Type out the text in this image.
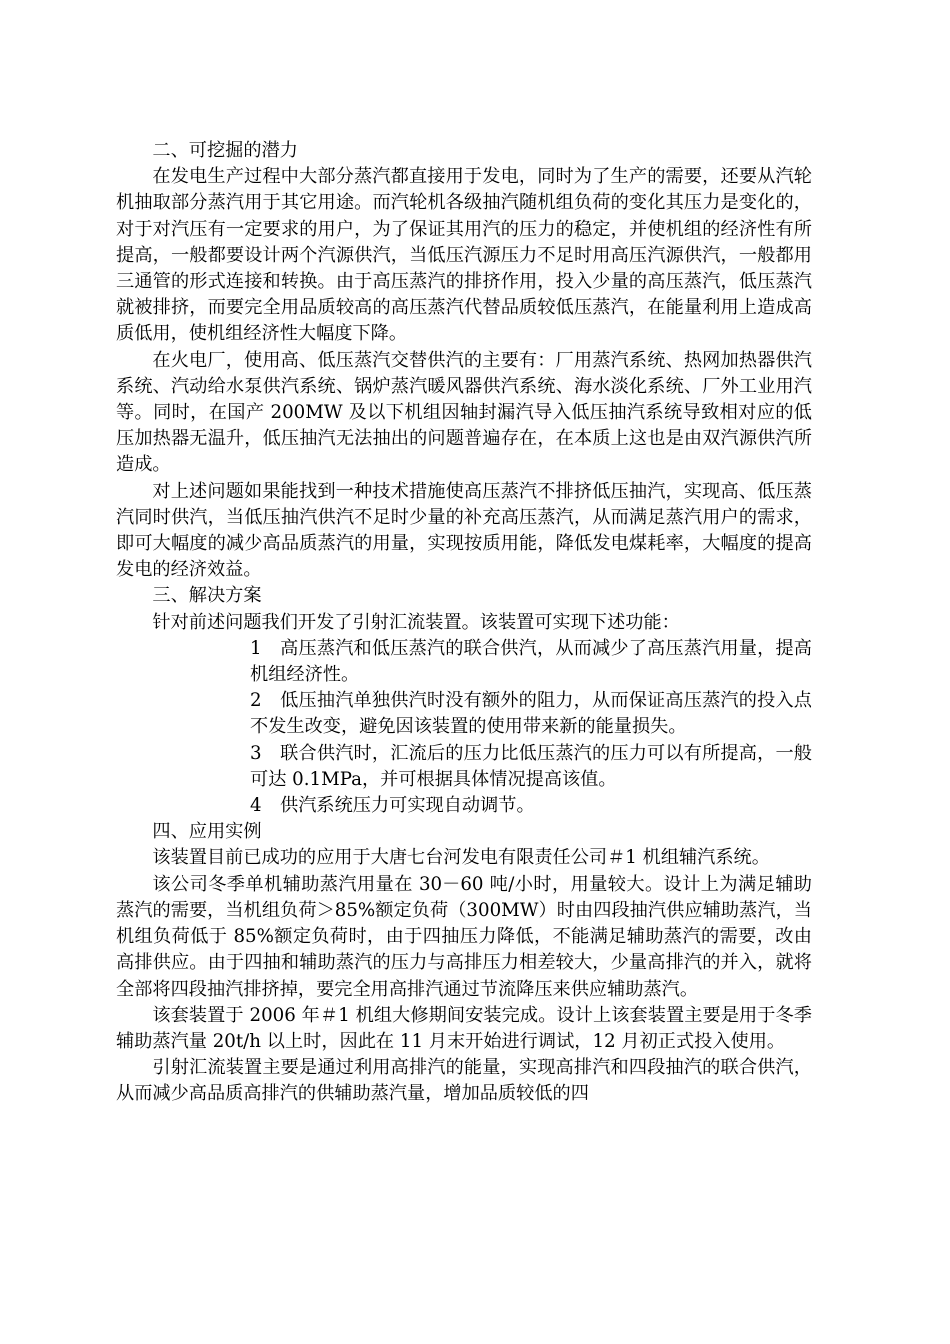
二、可挖掘的潜力

在发电生产过程中大部分蒸汽都直接用于发电，同时为了生产的需要，还要从汽轮机抽取部分蒸汽用于其它用途。而汽轮机各级抽汽随机组负荷的变化其压力是变化的，对于对汽压有一定要求的用户，为了保证其用汽的压力的稳定，并使机组的经济性有所提高，一般都要设计两个汽源供汽，当低压汽源压力不足时用高压汽源供汽，一般都用三通管的形式连接和转换。由于高压蒸汽的排挤作用，投入少量的高压蒸汽，低压蒸汽就被排挤，而要完全用品质较高的高压蒸汽代替品质较低压蒸汽，在能量利用上造成高质低用，使机组经济性大幅度下降。

在火电厂，使用高、低压蒸汽交替供汽的主要有：厂用蒸汽系统、热网加热器供汽系统、汽动给水泵供汽系统、锅炉蒸汽暖风器供汽系统、海水淡化系统、厂外工业用汽等。同时，在国产 200MW 及以下机组因轴封漏汽导入低压抽汽系统导致相对应的低压加热器无温升，低压抽汽无法抽出的问题普遍存在，在本质上这也是由双汽源供汽所造成。

对上述问题如果能找到一种技术措施使高压蒸汽不排挤低压抽汽，实现高、低压蒸汽同时供汽，当低压抽汽供汽不足时少量的补充高压蒸汽，从而满足蒸汽用户的需求，即可大幅度的减少高品质蒸汽的用量，实现按质用能，降低发电煤耗率，大幅度的提高发电的经济效益。

三、解决方案

针对前述问题我们开发了引射汇流装置。该装置可实现下述功能：

1 高压蒸汽和低压蒸汽的联合供汽，从而减少了高压蒸汽用量，提高机组经济性。

2 低压抽汽单独供汽时没有额外的阻力，从而保证高压蒸汽的投入点不发生改变，避免因该装置的使用带来新的能量损失。

3 联合供汽时，汇流后的压力比低压蒸汽的压力可以有所提高，一般可达 0.1MPa，并可根据具体情况提高该值。

4 供汽系统压力可实现自动调节。

四、应用实例

该装置目前已成功的应用于大唐七台河发电有限责任公司＃1 机组辅汽系统。

该公司冬季单机辅助蒸汽用量在 30－60 吨/小时，用量较大。设计上为满足辅助蒸汽的需要，当机组负荷＞85%额定负荷（300MW）时由四段抽汽供应辅助蒸汽，当机组负荷低于 85%额定负荷时，由于四抽压力降低，不能满足辅助蒸汽的需要，改由高排供应。由于四抽和辅助蒸汽的压力与高排压力相差较大，少量高排汽的并入，就将全部将四段抽汽排挤掉，要完全用高排汽通过节流降压来供应辅助蒸汽。

该套装置于 2006 年＃1 机组大修期间安装完成。设计上该套装置主要是用于冬季辅助蒸汽量 20t/h 以上时，因此在 11 月末开始进行调试，12 月初正式投入使用。

引射汇流装置主要是通过利用高排汽的能量，实现高排汽和四段抽汽的联合供汽，从而减少高品质高排汽的供辅助蒸汽量，增加品质较低的四
